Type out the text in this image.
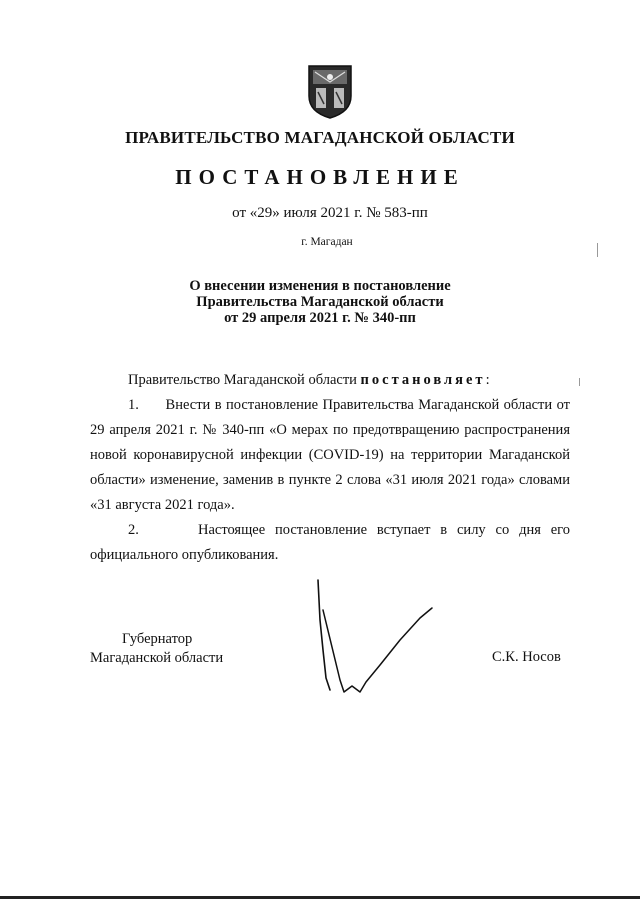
ПРАВИТЕЛЬСТВО МАГАДАНСКОЙ ОБЛАСТИ
ПОСТАНОВЛЕНИЕ
от «29» июля 2021 г. № 583-пп
г. Магадан
О внесении изменения в постановление
Правительства Магаданской области
от 29 апреля 2021 г. № 340-пп

Правительство Магаданской области постановляет:

1.      Внести в постановление Правительства Магаданской области от 29 апреля 2021 г. № 340-пп «О мерах по предотвращению распространения новой коронавирусной инфекции (COVID-19) на территории Магаданской области» изменение, заменив в пункте 2 слова «31 июля 2021 года» словами «31 августа 2021 года».

2.      Настоящее постановление вступает в силу со дня его официального опубликования.

Губернатор
Магаданской области	С.К. Носов
